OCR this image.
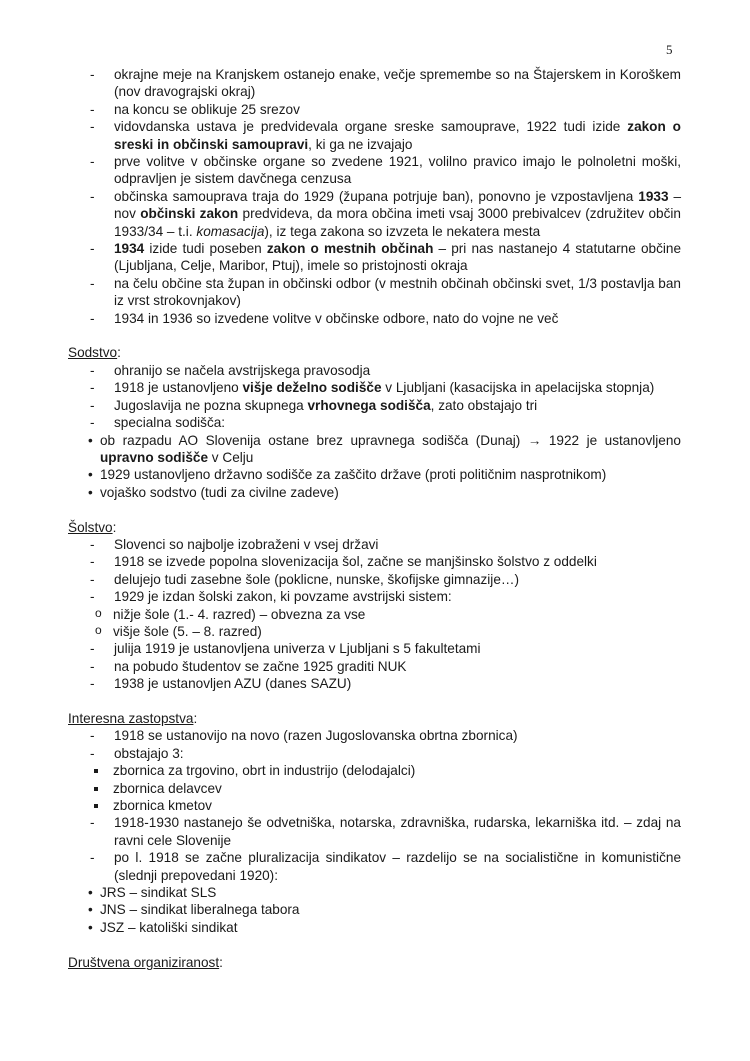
5
- okrajne meje na Kranjskem ostanejo enake, večje spremembe so na Štajerskem in Koroškem (nov dravograjski okraj)
- na koncu se oblikuje 25 srezov
- vidovdanska ustava je predvidevala organe sreske samouprave, 1922 tudi izide zakon o sreski in občinski samoupravi, ki ga ne izvajajo
- prve volitve v občinske organe so zvedene 1921, volilno pravico imajo le polnoletni moški, odpravljen je sistem davčnega cenzusa
- občinska samouprava traja do 1929 (župana potrjuje ban), ponovno je vzpostavljena 1933 – nov občinski zakon predvideva, da mora občina imeti vsaj 3000 prebivalcev (združitev občin 1933/34 – t.i. komasacija), iz tega zakona so izvzeta le nekatera mesta
- 1934 izide tudi poseben zakon o mestnih občinah – pri nas nastanejo 4 statutarne občine (Ljubljana, Celje, Maribor, Ptuj), imele so pristojnosti okraja
- na čelu občine sta župan in občinski odbor (v mestnih občinah občinski svet, 1/3 postavlja ban iz vrst strokovnjakov)
- 1934 in 1936 so izvedene volitve v občinske odbore, nato do vojne ne več
Sodstvo:
- ohranijo se načela avstrijskega pravosodja
- 1918 je ustanovljeno višje deželno sodišče v Ljubljani (kasacijska in apelacijska stopnja)
- Jugoslavija ne pozna skupnega vrhovnega sodišča, zato obstajajo tri
- specialna sodišča:
• ob razpadu AO Slovenija ostane brez upravnega sodišča (Dunaj) → 1922 je ustanovljeno upravno sodišče v Celju
• 1929 ustanovljeno državno sodišče za zaščito države (proti političnim nasprotnikom)
• vojaško sodstvo (tudi za civilne zadeve)
Šolstvo:
- Slovenci so najbolje izobraženi v vsej državi
- 1918 se izvede popolna slovenizacija šol, začne se manjšinsko šolstvo z oddelki
- delujejo tudi zasebne šole (poklicne, nunske, škofijske gimnazije…)
- 1929 je izdan šolski zakon, ki povzame avstrijski sistem:
o nižje šole (1.- 4. razred) – obvezna za vse
o višje šole (5. – 8. razred)
- julija 1919 je ustanovljena univerza v Ljubljani s 5 fakultetami
- na pobudo študentov se začne 1925 graditi NUK
- 1938 je ustanovljen AZU (danes SAZU)
Interesna zastopstva:
- 1918 se ustanovijo na novo (razen Jugoslovanska obrtna zbornica)
- obstajajo 3:
zbornica za trgovino, obrt in industrijo (delodajalci)
zbornica delavcev
zbornica kmetov
- 1918-1930 nastanejo še odvetniška, notarska, zdravniška, rudarska, lekarniška itd. – zdaj na ravni cele Slovenije
- po l. 1918 se začne pluralizacija sindikatov – razdelijo se na socialistične in komunistične (slednji prepovedani 1920):
• JRS – sindikat SLS
• JNS – sindikat liberalnega tabora
• JSZ – katoliški sindikat
Društvena organiziranost:
